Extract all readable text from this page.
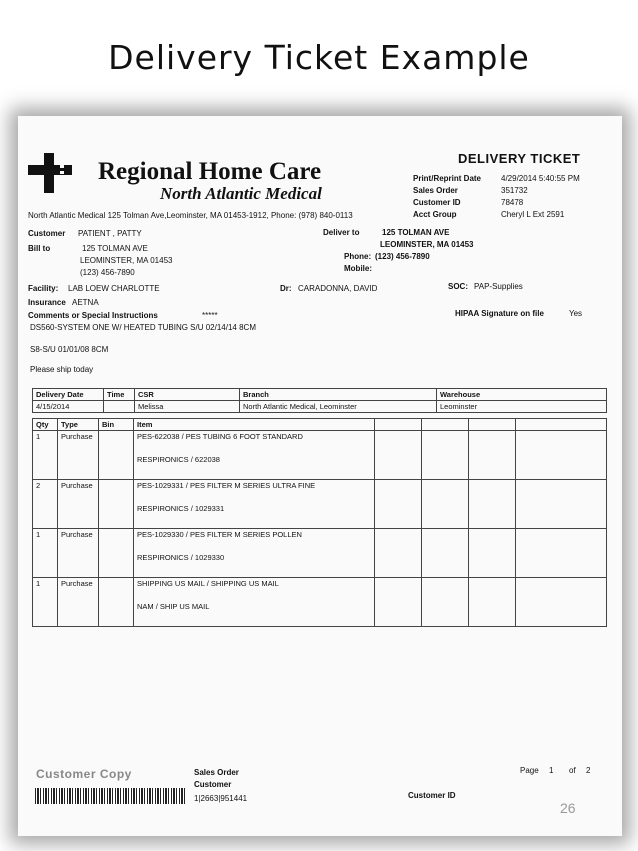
Delivery Ticket Example
Regional Home Care
North Atlantic Medical
North Atlantic Medical 125 Tolman Ave,Leominster, MA 01453-1912, Phone: (978) 840-0113
DELIVERY TICKET
Print/Reprint Date 4/29/2014 5:40:55 PM
Sales Order	351732
Customer ID	78478
Acct Group	Cheryl L Ext 2591
Customer PATIENT , PATTY
Bill to	125 TOLMAN AVE
LEOMINSTER, MA 01453
(123) 456-7890
Deliver to	125 TOLMAN AVE
LEOMINSTER, MA 01453
Phone: (123) 456-7890
Mobile:
Facility: LAB LOEW CHARLOTTE	Dr: CARADONNA, DAVID	SOC: PAP-Supplies
Insurance AETNA
Comments or Special Instructions	*****	HIPAA Signature on file	Yes
DS560-SYSTEM ONE W/ HEATED TUBING S/U 02/14/14 8CM
S8-S/U 01/01/08 8CM
Please ship today
Delivery Date	Time	CSR	Branch	Warehouse
4/15/2014		Melissa	North Atlantic Medical, Leominster	Leominster
Qty	Type	Bin	Item				
1	Purchase		PES-622038 / PES TUBING 6 FOOT STANDARD
RESPIRONICS / 622038				

2	Purchase		PES-1029331 / PES FILTER M SERIES ULTRA FINE
RESPIRONICS / 1029331				

1	Purchase		PES-1029330 / PES FILTER M SERIES POLLEN
RESPIRONICS / 1029330				

1	Purchase		SHIPPING US MAIL / SHIPPING US MAIL
NAM / SHIP US MAIL				

Customer Copy	Sales Order
Customer
1|2663|951441
Page 1 of 2
Customer ID
26
